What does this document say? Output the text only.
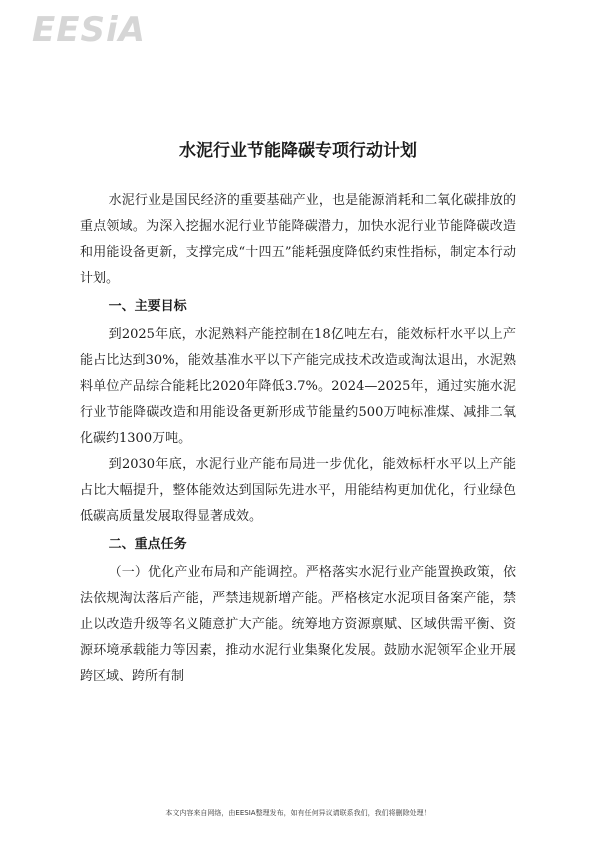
EESiA
水泥行业节能降碳专项行动计划

水泥行业是国民经济的重要基础产业，也是能源消耗和二氧化碳排放的重点领域。为深入挖掘水泥行业节能降碳潜力，加快水泥行业节能降碳改造和用能设备更新，支撑完成“十四五”能耗强度降低约束性指标，制定本行动计划。

一、主要目标

到2025年底，水泥熟料产能控制在18亿吨左右，能效标杆水平以上产能占比达到30%，能效基准水平以下产能完成技术改造或淘汰退出，水泥熟料单位产品综合能耗比2020年降低3.7%。2024—2025年，通过实施水泥行业节能降碳改造和用能设备更新形成节能量约500万吨标准煤、减排二氧化碳约1300万吨。

到2030年底，水泥行业产能布局进一步优化，能效标杆水平以上产能占比大幅提升，整体能效达到国际先进水平，用能结构更加优化，行业绿色低碳高质量发展取得显著成效。

二、重点任务

（一）优化产业布局和产能调控。严格落实水泥行业产能置换政策，依法依规淘汰落后产能，严禁违规新增产能。严格核定水泥项目备案产能，禁止以改造升级等名义随意扩大产能。统筹地方资源禀赋、区域供需平衡、资源环境承载能力等因素，推动水泥行业集聚化发展。鼓励水泥领军企业开展跨区域、跨所有制

本文内容来自网络，由EESIA整理发布，如有任何异议请联系我们，我们将删除处理！
